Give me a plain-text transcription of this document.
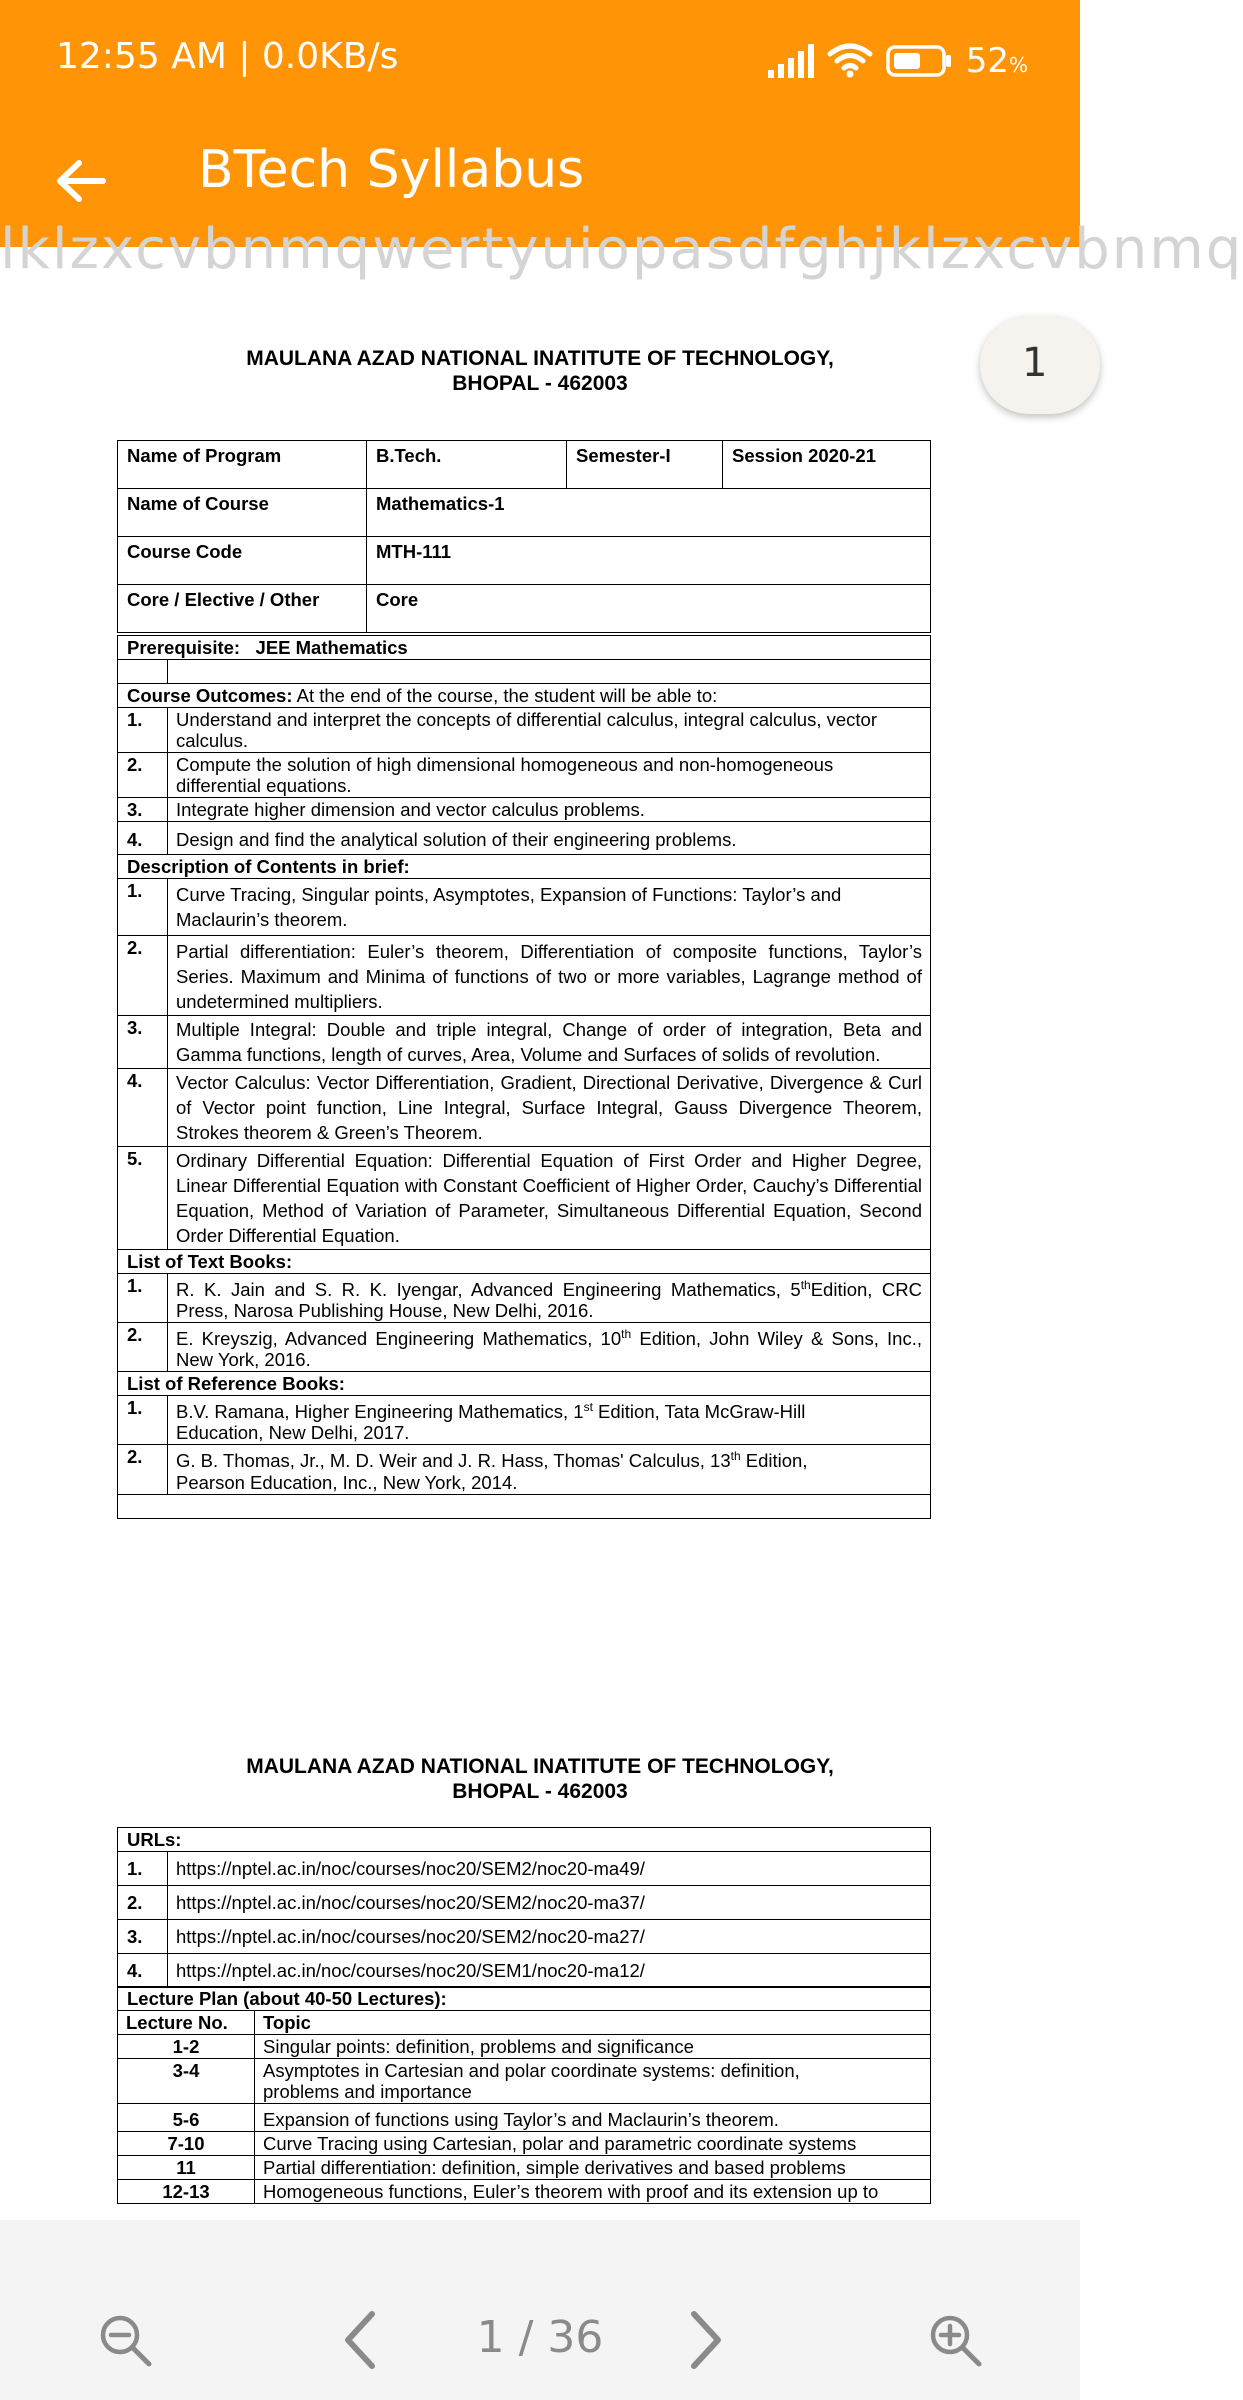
12:55 AM | 0.0KB/s	52%
BTech Syllabus
lklzxcvbnmqwertyuiopasdfghjklzxcvbnmq
MAULANA AZAD NATIONAL INATITUTE OF TECHNOLOGY,
BHOPAL - 462003
Name of Program	B.Tech.	Semester-I	Session 2020-21
Name of Course	Mathematics-1		
Course Code	MTH-111		
Core / Elective / Other	Core		
Prerequisite: JEE Mathematics	

Course Outcomes: At the end of the course, the student will be able to:	
1.	Understand and interpret the concepts of differential calculus, integral calculus, vector calculus.
2.	Compute the solution of high dimensional homogeneous and non-homogeneous differential equations.
3.	Integrate higher dimension and vector calculus problems.
4.	Design and find the analytical solution of their engineering problems.
Description of Contents in brief:	
1.	Curve Tracing, Singular points, Asymptotes, Expansion of Functions: Taylor’s and Maclaurin’s theorem.
2.	Partial differentiation: Euler’s theorem, Differentiation of composite functions, Taylor’s Series. Maximum and Minima of functions of two or more variables, Lagrange method of undetermined multipliers.
3.	Multiple Integral: Double and triple integral, Change of order of integration, Beta and Gamma functions, length of curves, Area, Volume and Surfaces of solids of revolution.
4.	Vector Calculus: Vector Differentiation, Gradient, Directional Derivative, Divergence & Curl of Vector point function, Line Integral, Surface Integral, Gauss Divergence Theorem, Strokes theorem & Green’s Theorem.
5.	Ordinary Differential Equation: Differential Equation of First Order and Higher Degree, Linear Differential Equation with Constant Coefficient of Higher Order, Cauchy’s Differential Equation, Method of Variation of Parameter, Simultaneous Differential Equation, Second Order Differential Equation.
List of Text Books:	
1.	R. K. Jain and S. R. K. Iyengar, Advanced Engineering Mathematics, 5thEdition, CRC Press, Narosa Publishing House, New Delhi, 2016.
2.	E. Kreyszig, Advanced Engineering Mathematics, 10th Edition, John Wiley & Sons, Inc., New York, 2016.
List of Reference Books:	
1.	B.V. Ramana, Higher Engineering Mathematics, 1st Edition, Tata McGraw-Hill Education, New Delhi, 2017.
2.	G. B. Thomas, Jr., M. D. Weir and J. R. Hass, Thomas' Calculus, 13th Edition, Pearson Education, Inc., New York, 2014.

MAULANA AZAD NATIONAL INATITUTE OF TECHNOLOGY,
BHOPAL - 462003
URLs:	
1.	https://nptel.ac.in/noc/courses/noc20/SEM2/noc20-ma49/
2.	https://nptel.ac.in/noc/courses/noc20/SEM2/noc20-ma37/
3.	https://nptel.ac.in/noc/courses/noc20/SEM2/noc20-ma27/
4.	https://nptel.ac.in/noc/courses/noc20/SEM1/noc20-ma12/
Lecture Plan (about 40-50 Lectures):	
Lecture No.	Topic
1-2	Singular points: definition, problems and significance
3-4	Asymptotes in Cartesian and polar coordinate systems: definition, problems and importance
5-6	Expansion of functions using Taylor’s and Maclaurin’s theorem.
7-10	Curve Tracing using Cartesian, polar and parametric coordinate systems
11	Partial differentiation: definition, simple derivatives and based problems
12-13	Homogeneous functions, Euler’s theorem with proof and its extension up to
1
1 / 36
